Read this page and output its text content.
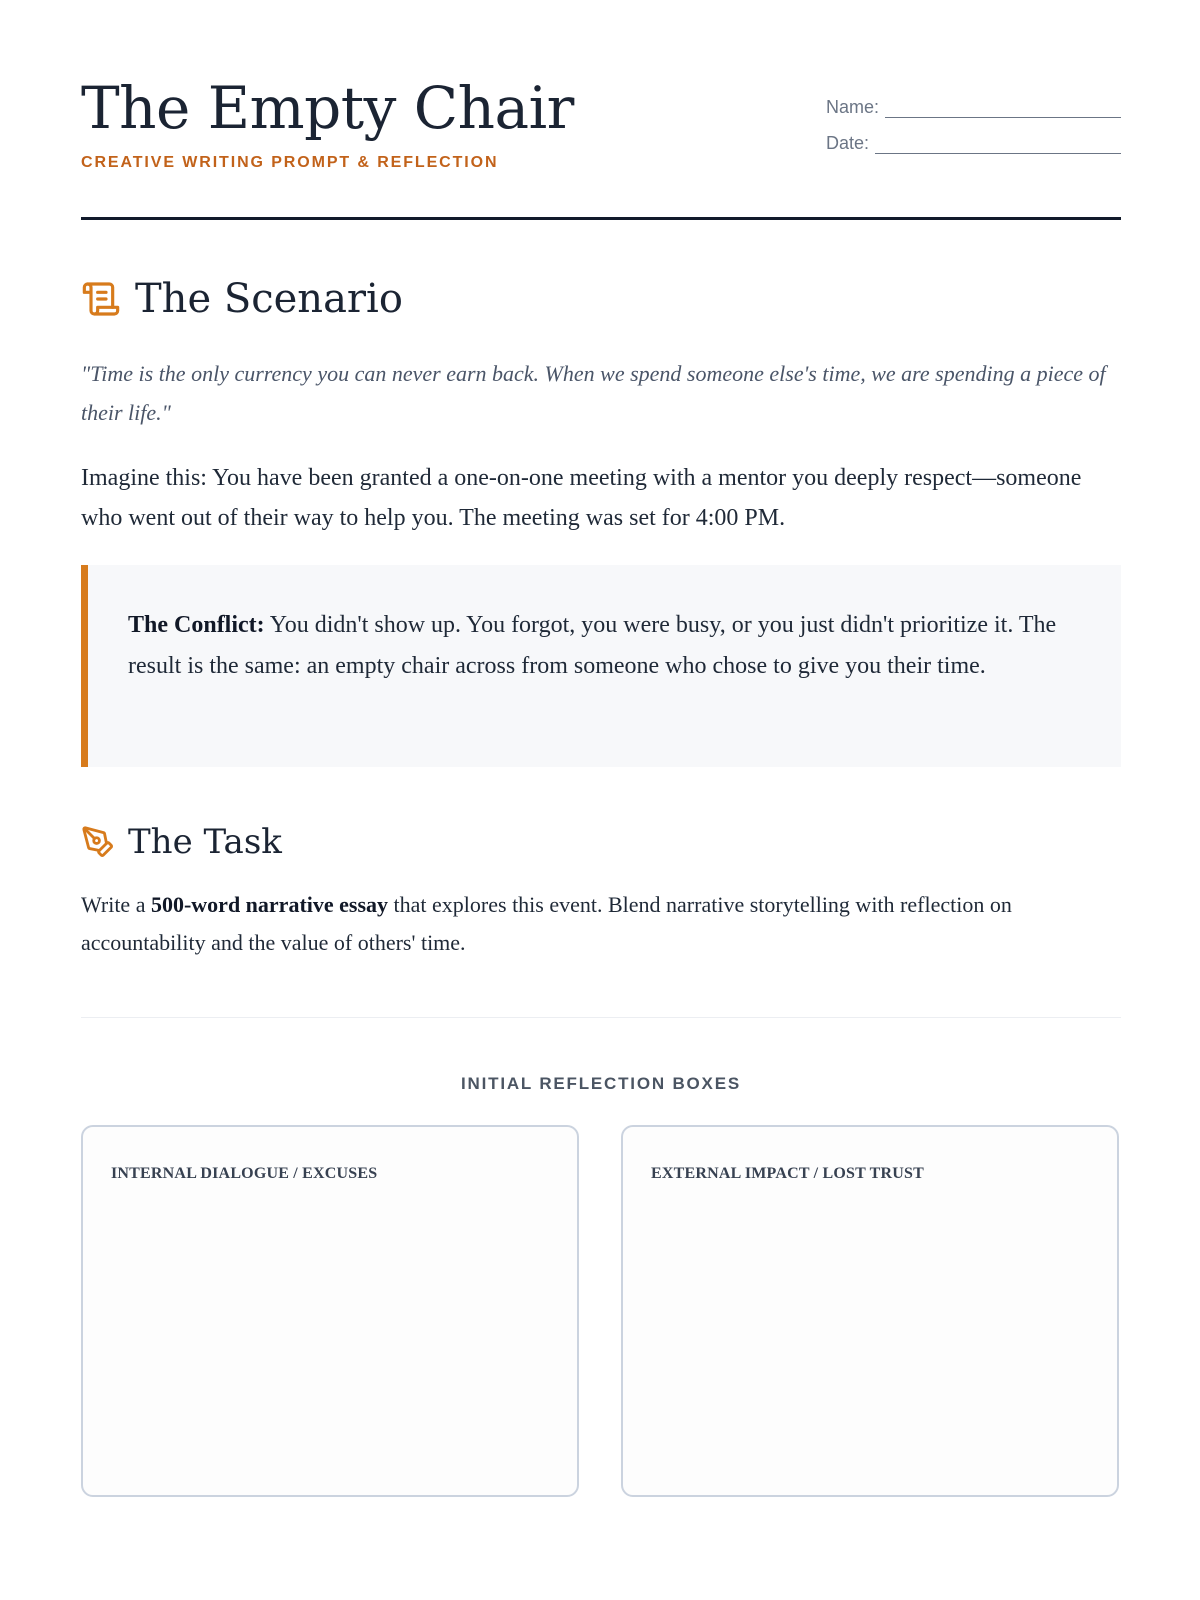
The Empty Chair
CREATIVE WRITING PROMPT & REFLECTION
Name:
Date:
The Scenario

"Time is the only currency you can never earn back. When we spend someone else's time, we are spending a piece of their life."

Imagine this: You have been granted a one-on-one meeting with a mentor you deeply respect—someone who went out of their way to help you. The meeting was set for 4:00 PM.

The Conflict: You didn't show up. You forgot, you were busy, or you just didn't prioritize it. The result is the same: an empty chair across from someone who chose to give you their time.

The Task

Write a 500-word narrative essay that explores this event. Blend narrative storytelling with reflection on accountability and the value of others' time.

INITIAL REFLECTION BOXES
INTERNAL DIALOGUE / EXCUSES	EXTERNAL IMPACT / LOST TRUST
